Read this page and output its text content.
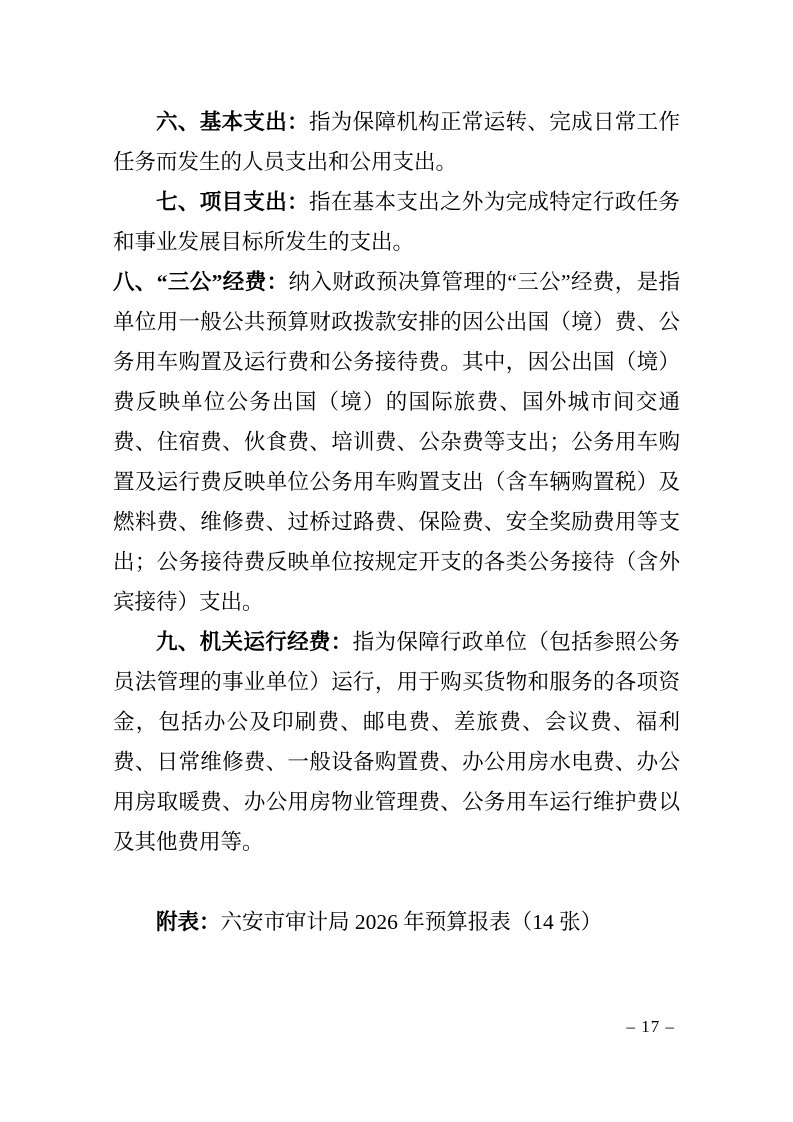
六、基本支出：指为保障机构正常运转、完成日常工作任务而发生的人员支出和公用支出。

七、项目支出：指在基本支出之外为完成特定行政任务和事业发展目标所发生的支出。

八、“三公”经费：纳入财政预决算管理的“三公”经费，是指单位用一般公共预算财政拨款安排的因公出国（境）费、公务用车购置及运行费和公务接待费。其中，因公出国（境）费反映单位公务出国（境）的国际旅费、国外城市间交通费、住宿费、伙食费、培训费、公杂费等支出；公务用车购置及运行费反映单位公务用车购置支出（含车辆购置税）及燃料费、维修费、过桥过路费、保险费、安全奖励费用等支出；公务接待费反映单位按规定开支的各类公务接待（含外宾接待）支出。

九、机关运行经费：指为保障行政单位（包括参照公务员法管理的事业单位）运行，用于购买货物和服务的各项资金，包括办公及印刷费、邮电费、差旅费、会议费、福利费、日常维修费、一般设备购置费、办公用房水电费、办公用房取暖费、办公用房物业管理费、公务用车运行维护费以及其他费用等。

附表：六安市审计局 2026 年预算报表（14 张）

– 17 –
